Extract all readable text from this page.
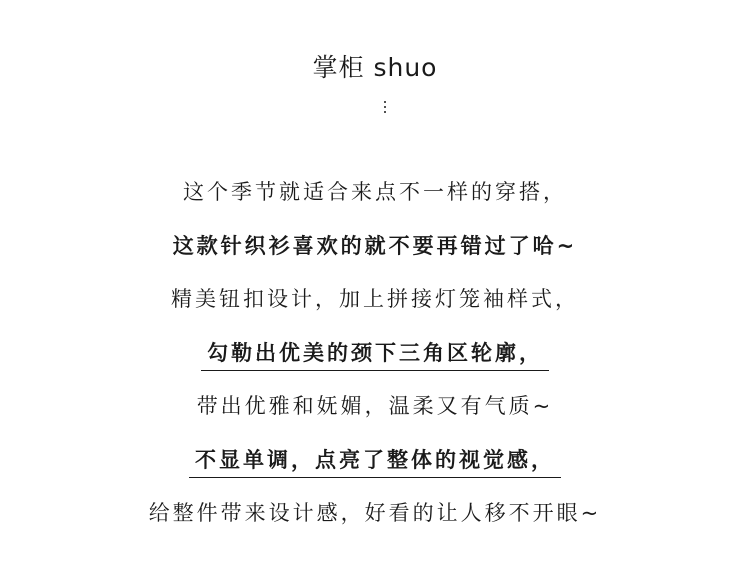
掌柜 shuo
这个季节就适合来点不一样的穿搭，
这款针织衫喜欢的就不要再错过了哈~
精美钮扣设计，加上拼接灯笼袖样式，
勾勒出优美的颈下三角区轮廓，
带出优雅和妩媚，温柔又有气质~
不显单调，点亮了整体的视觉感，
给整件带来设计感，好看的让人移不开眼~
